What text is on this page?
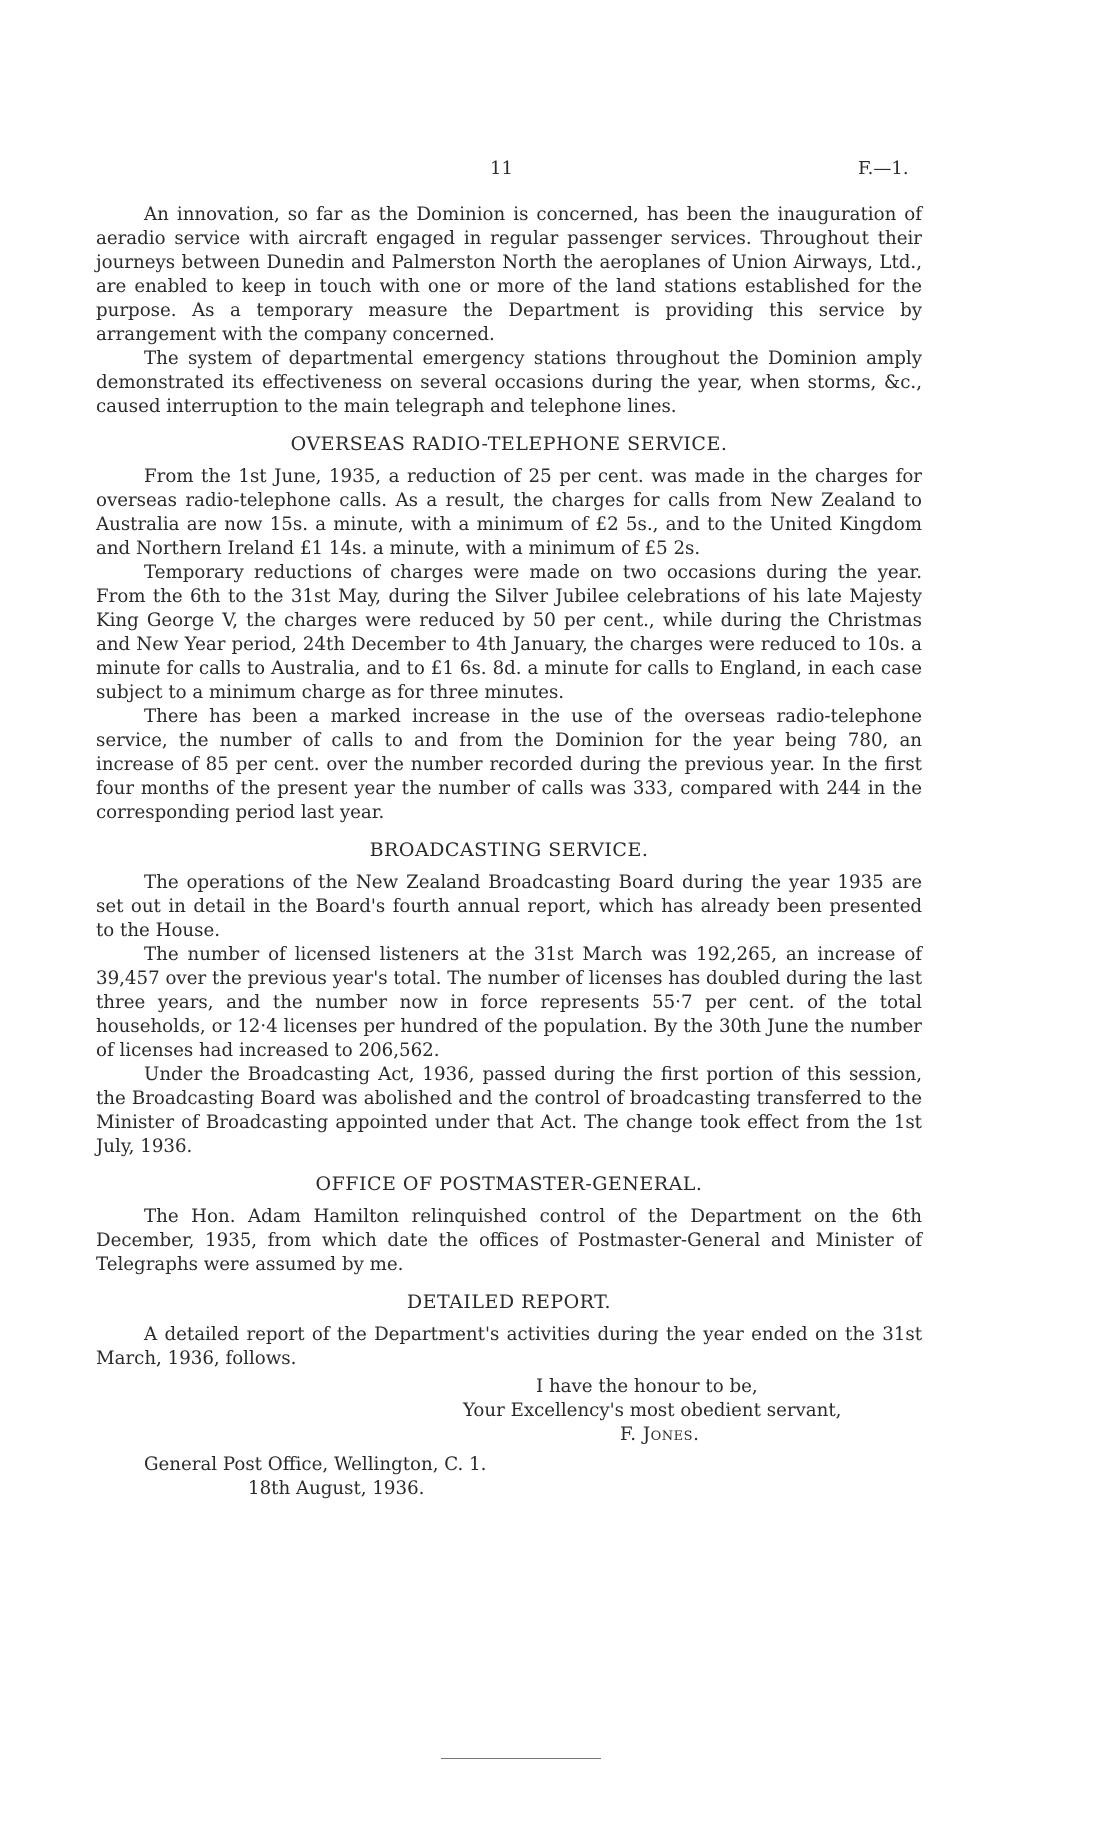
11	F.—1.

An innovation, so far as the Dominion is concerned, has been the inauguration of aeradio service with aircraft engaged in regular passenger services. Throughout their journeys between Dunedin and Palmerston North the aeroplanes of Union Airways, Ltd., are enabled to keep in touch with one or more of the land stations established for the purpose. As a temporary measure the Department is providing this service by arrangement with the company concerned.

The system of departmental emergency stations throughout the Dominion amply demonstrated its effectiveness on several occasions during the year, when storms, &c., caused interruption to the main telegraph and telephone lines.

OVERSEAS RADIO-TELEPHONE SERVICE.

From the 1st June, 1935, a reduction of 25 per cent. was made in the charges for overseas radio-telephone calls. As a result, the charges for calls from New Zealand to Australia are now 15s. a minute, with a minimum of £2 5s., and to the United Kingdom and Northern Ireland £1 14s. a minute, with a minimum of £5 2s.

Temporary reductions of charges were made on two occasions during the year. From the 6th to the 31st May, during the Silver Jubilee celebrations of his late Majesty King George V, the charges were reduced by 50 per cent., while during the Christmas and New Year period, 24th December to 4th January, the charges were reduced to 10s. a minute for calls to Australia, and to £1 6s. 8d. a minute for calls to England, in each case subject to a minimum charge as for three minutes.

There has been a marked increase in the use of the overseas radio-telephone service, the number of calls to and from the Dominion for the year being 780, an increase of 85 per cent. over the number recorded during the previous year. In the first four months of the present year the number of calls was 333, compared with 244 in the corresponding period last year.

BROADCASTING SERVICE.

The operations of the New Zealand Broadcasting Board during the year 1935 are set out in detail in the Board's fourth annual report, which has already been presented to the House.

The number of licensed listeners at the 31st March was 192,265, an increase of 39,457 over the previous year's total. The number of licenses has doubled during the last three years, and the number now in force represents 55·7 per cent. of the total households, or 12·4 licenses per hundred of the population. By the 30th June the number of licenses had increased to 206,562.

Under the Broadcasting Act, 1936, passed during the first portion of this session, the Broadcasting Board was abolished and the control of broadcasting transferred to the Minister of Broadcasting appointed under that Act. The change took effect from the 1st July, 1936.

OFFICE OF POSTMASTER-GENERAL.

The Hon. Adam Hamilton relinquished control of the Department on the 6th December, 1935, from which date the offices of Postmaster-General and Minister of Telegraphs were assumed by me.

DETAILED REPORT.

A detailed report of the Department's activities during the year ended on the 31st March, 1936, follows.

I have the honour to be,
Your Excellency's most obedient servant,
F. Jones.
General Post Office, Wellington, C. 1.
18th August, 1936.
